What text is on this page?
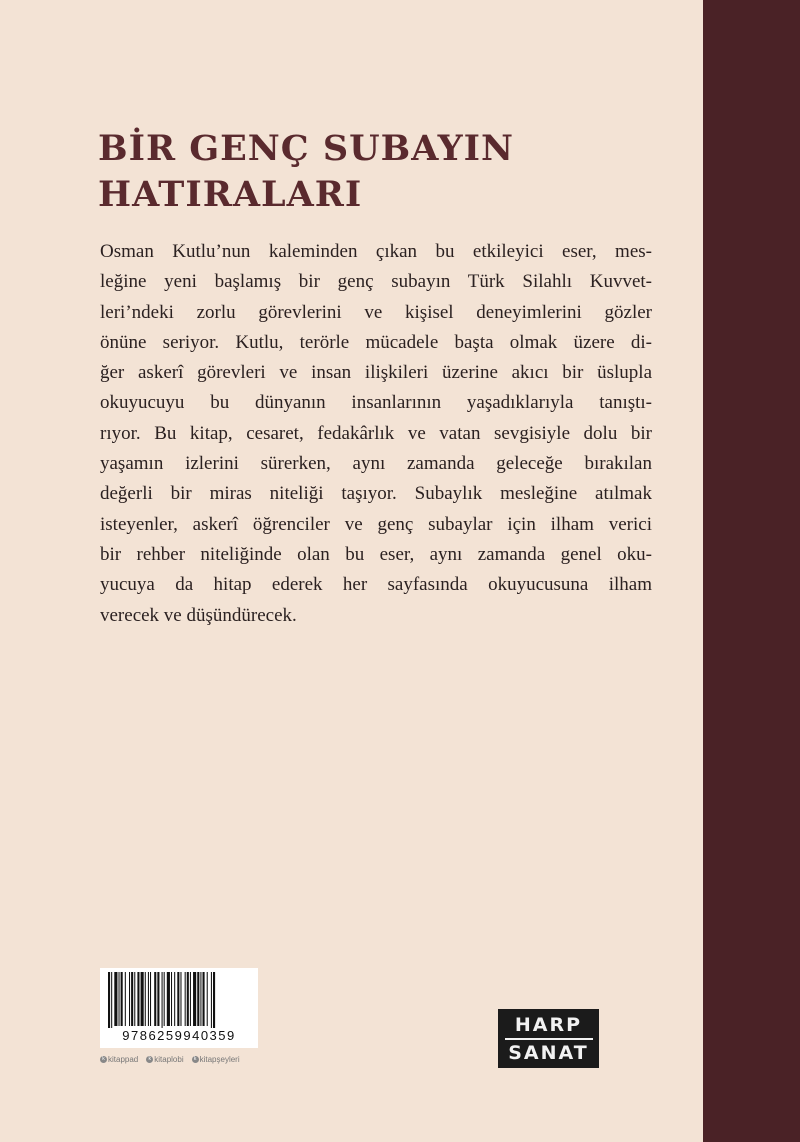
BİR GENÇ SUBAYIN
HATIRALARI
Osman Kutlu’nun kaleminden çıkan bu etkileyici eser, mes-
leğine yeni başlamış bir genç subayın Türk Silahlı Kuvvet-
leri’ndeki zorlu görevlerini ve kişisel deneyimlerini gözler
önüne seriyor. Kutlu, terörle mücadele başta olmak üzere di-
ğer askerî görevleri ve insan ilişkileri üzerine akıcı bir üslupla
okuyucuyu bu dünyanın insanlarının yaşadıklarıyla tanıştı-
rıyor. Bu kitap, cesaret, fedakârlık ve vatan sevgisiyle dolu bir
yaşamın izlerini sürerken, aynı zamanda geleceğe bırakılan
değerli bir miras niteliği taşıyor. Subaylık mesleğine atılmak
isteyenler, askerî öğrenciler ve genç subaylar için ilham verici
bir rehber niteliğinde olan bu eser, aynı zamanda genel oku-
yucuya da hitap ederek her sayfasında okuyucusuna ilham
verecek ve düşündürecek.
9786259940359
k kitappad	k kitaplobi	k kitapşeyleri
HARP
SANAT
